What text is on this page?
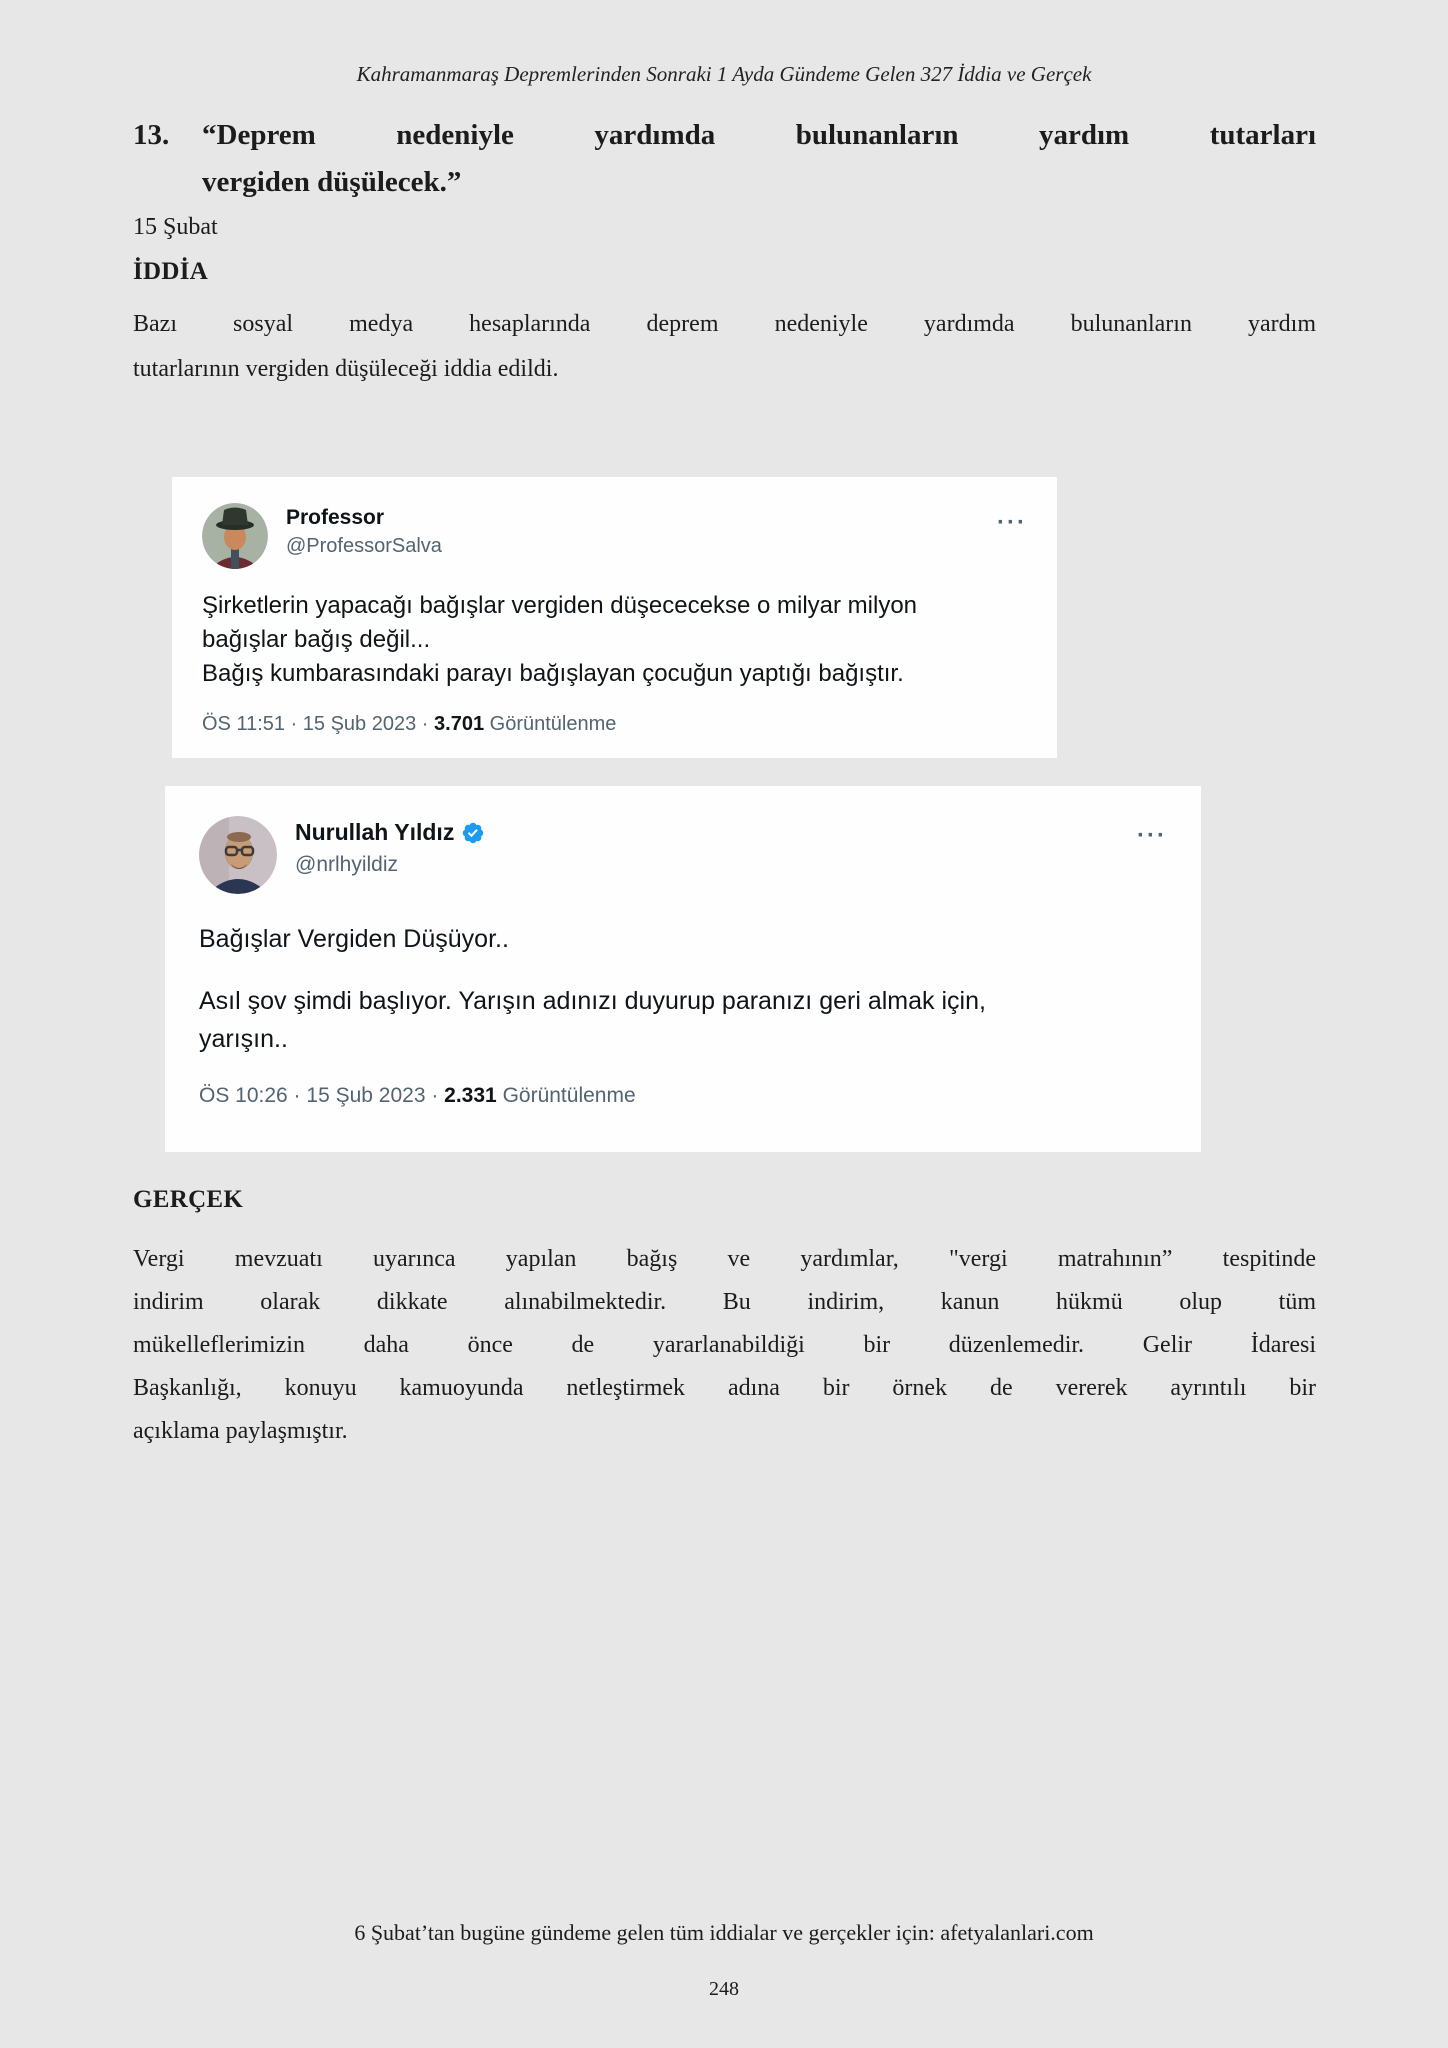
Kahramanmaraş Depremlerinden Sonraki 1 Ayda Gündeme Gelen 327 İddia ve Gerçek
13.	“Deprem nedeniyle yardımda bulunanların yardım tutarları
vergiden düşülecek.”
15 Şubat
İDDİA
Bazı sosyal medya hesaplarında deprem nedeniyle yardımda bulunanların yardım
tutarlarının vergiden düşüleceği iddia edildi.
Professor
@ProfessorSalva
···
Şirketlerin yapacağı bağışlar vergiden düşececekse o milyar milyon
bağışlar bağış değil...
Bağış kumbarasındaki parayı bağışlayan çocuğun yaptığı bağıştır.
ÖS 11:51 · 15 Şub 2023 · 3.701 Görüntülenme
Nurullah Yıldız
@nrlhyildiz
···
Bağışlar Vergiden Düşüyor..
Asıl şov şimdi başlıyor. Yarışın adınızı duyurup paranızı geri almak için,
yarışın..
ÖS 10:26 · 15 Şub 2023 · 2.331 Görüntülenme
GERÇEK
Vergi mevzuatı uyarınca yapılan bağış ve yardımlar, "vergi matrahının” tespitinde
indirim olarak dikkate alınabilmektedir. Bu indirim, kanun hükmü olup tüm
mükelleflerimizin daha önce de yararlanabildiği bir düzenlemedir. Gelir İdaresi
Başkanlığı, konuyu kamuoyunda netleştirmek adına bir örnek de vererek ayrıntılı bir
açıklama paylaşmıştır.
6 Şubat’tan bugüne gündeme gelen tüm iddialar ve gerçekler için: afetyalanlari.com
248
